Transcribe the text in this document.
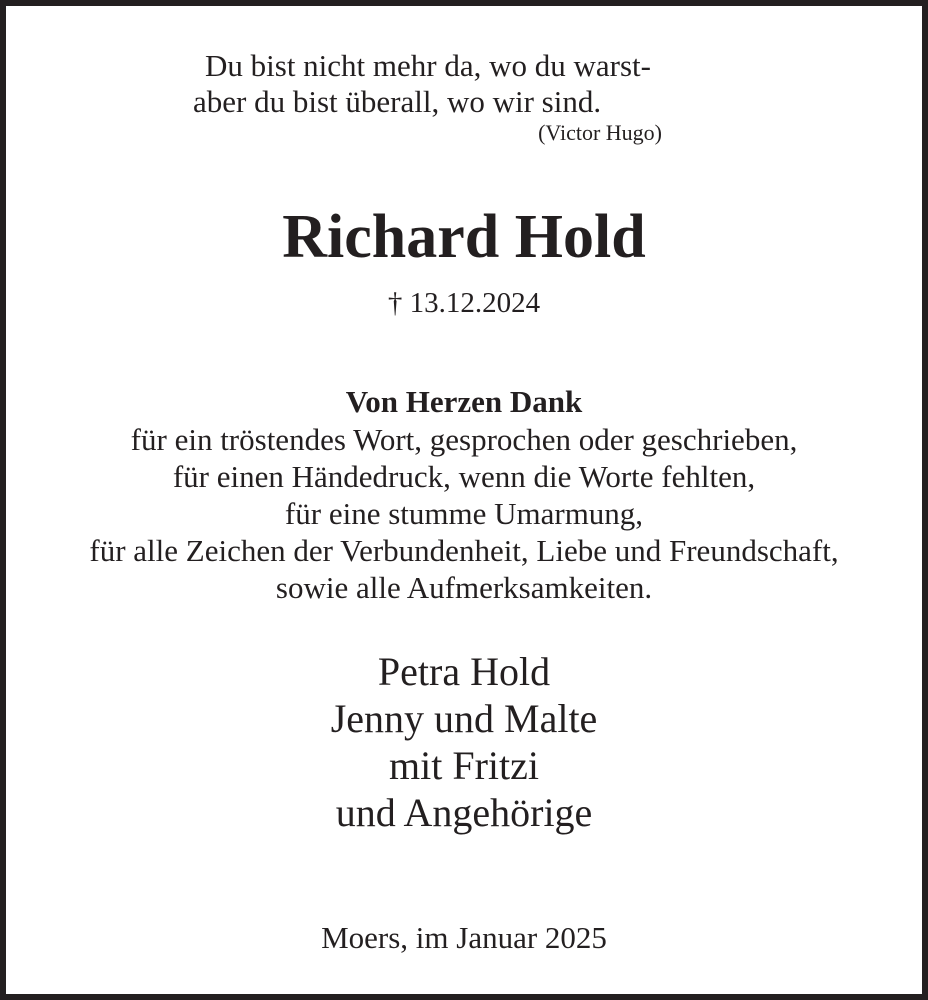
Du bist nicht mehr da, wo du warst-
aber du bist überall, wo wir sind.
(Victor Hugo)
Richard Hold
† 13.12.2024
Von Herzen Dank
für ein tröstendes Wort, gesprochen oder geschrieben,
für einen Händedruck, wenn die Worte fehlten,
für eine stumme Umarmung,
für alle Zeichen der Verbundenheit, Liebe und Freundschaft,
sowie alle Aufmerksamkeiten.
Petra Hold
Jenny und Malte
mit Fritzi
und Angehörige
Moers, im Januar 2025
